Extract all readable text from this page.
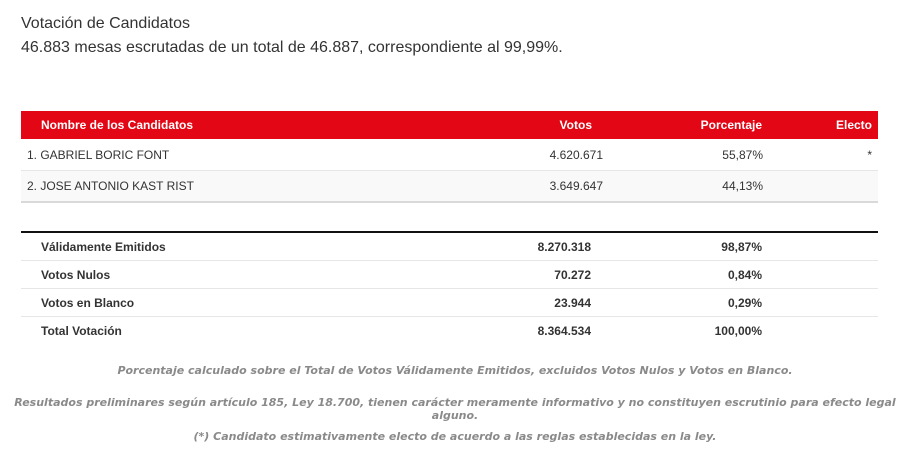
Votación de Candidatos
46.883 mesas escrutadas de un total de 46.887, correspondiente al 99,99%.
Nombre de los Candidatos	Votos	Porcentaje	Electo
1. GABRIEL BORIC FONT	4.620.671	55,87%	*
2. JOSE ANTONIO KAST RIST	3.649.647	44,13%
Válidamente Emitidos	8.270.318	98,87%
Votos Nulos	70.272	0,84%
Votos en Blanco	23.944	0,29%
Total Votación	8.364.534	100,00%
Porcentaje calculado sobre el Total de Votos Válidamente Emitidos, excluidos Votos Nulos y Votos en Blanco.
Resultados preliminares según artículo 185, Ley 18.700, tienen carácter meramente informativo y no constituyen escrutinio para efecto legal alguno.
(*) Candidato estimativamente electo de acuerdo a las reglas establecidas en la ley.
